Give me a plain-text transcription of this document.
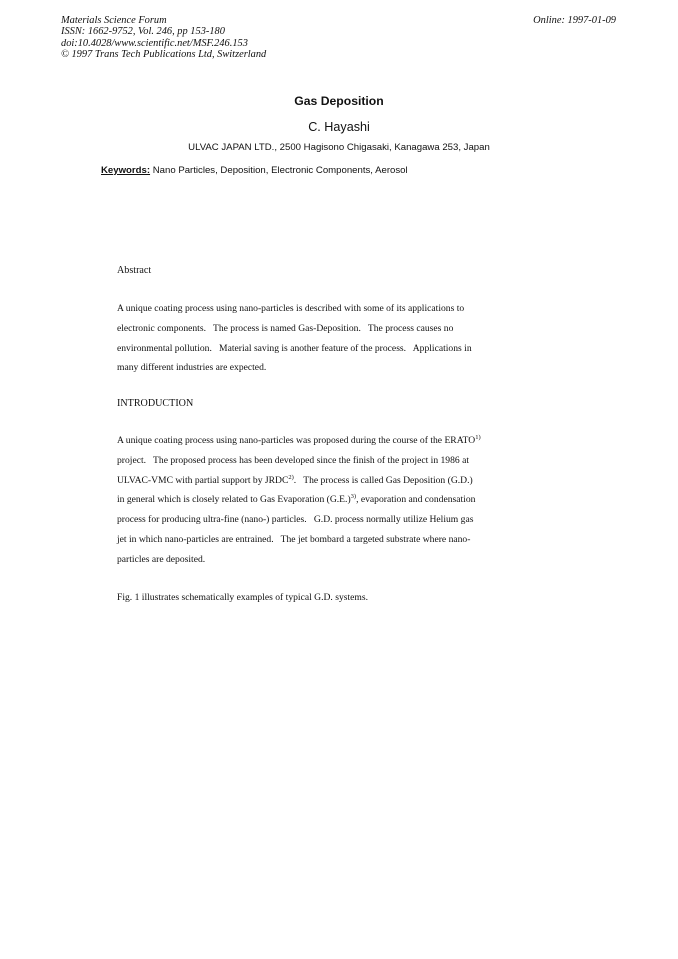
Materials Science Forum
ISSN: 1662-9752, Vol. 246, pp 153-180
doi:10.4028/www.scientific.net/MSF.246.153
© 1997 Trans Tech Publications Ltd, Switzerland
Online: 1997-01-09
Gas Deposition
C. Hayashi
ULVAC JAPAN LTD., 2500 Hagisono Chigasaki, Kanagawa 253, Japan
Keywords: Nano Particles, Deposition, Electronic Components, Aerosol
Abstract
A unique coating process using nano-particles is described with some of its applications to
electronic components.   The process is named Gas-Deposition.   The process causes no
environmental pollution.   Material saving is another feature of the process.   Applications in
many different industries are expected.
INTRODUCTION
A unique coating process using nano-particles was proposed during the course of the ERATO$^{1)}$
project.   The proposed process has been developed since the finish of the project in 1986 at
ULVAC-VMC with partial support by JRDC$^{2)}$.   The process is called Gas Deposition (G.D.)
in general which is closely related to Gas Evaporation $(G.E.)^{3)}$, evaporation and condensation
process for producing ultra-fine (nano-) particles.   G.D. process normally utilize Helium gas
jet in which nano-particles are entrained.   The jet bombard a targeted substrate where nano-
particles are deposited.
Fig. 1 illustrates schematically examples of typical G.D. systems.
